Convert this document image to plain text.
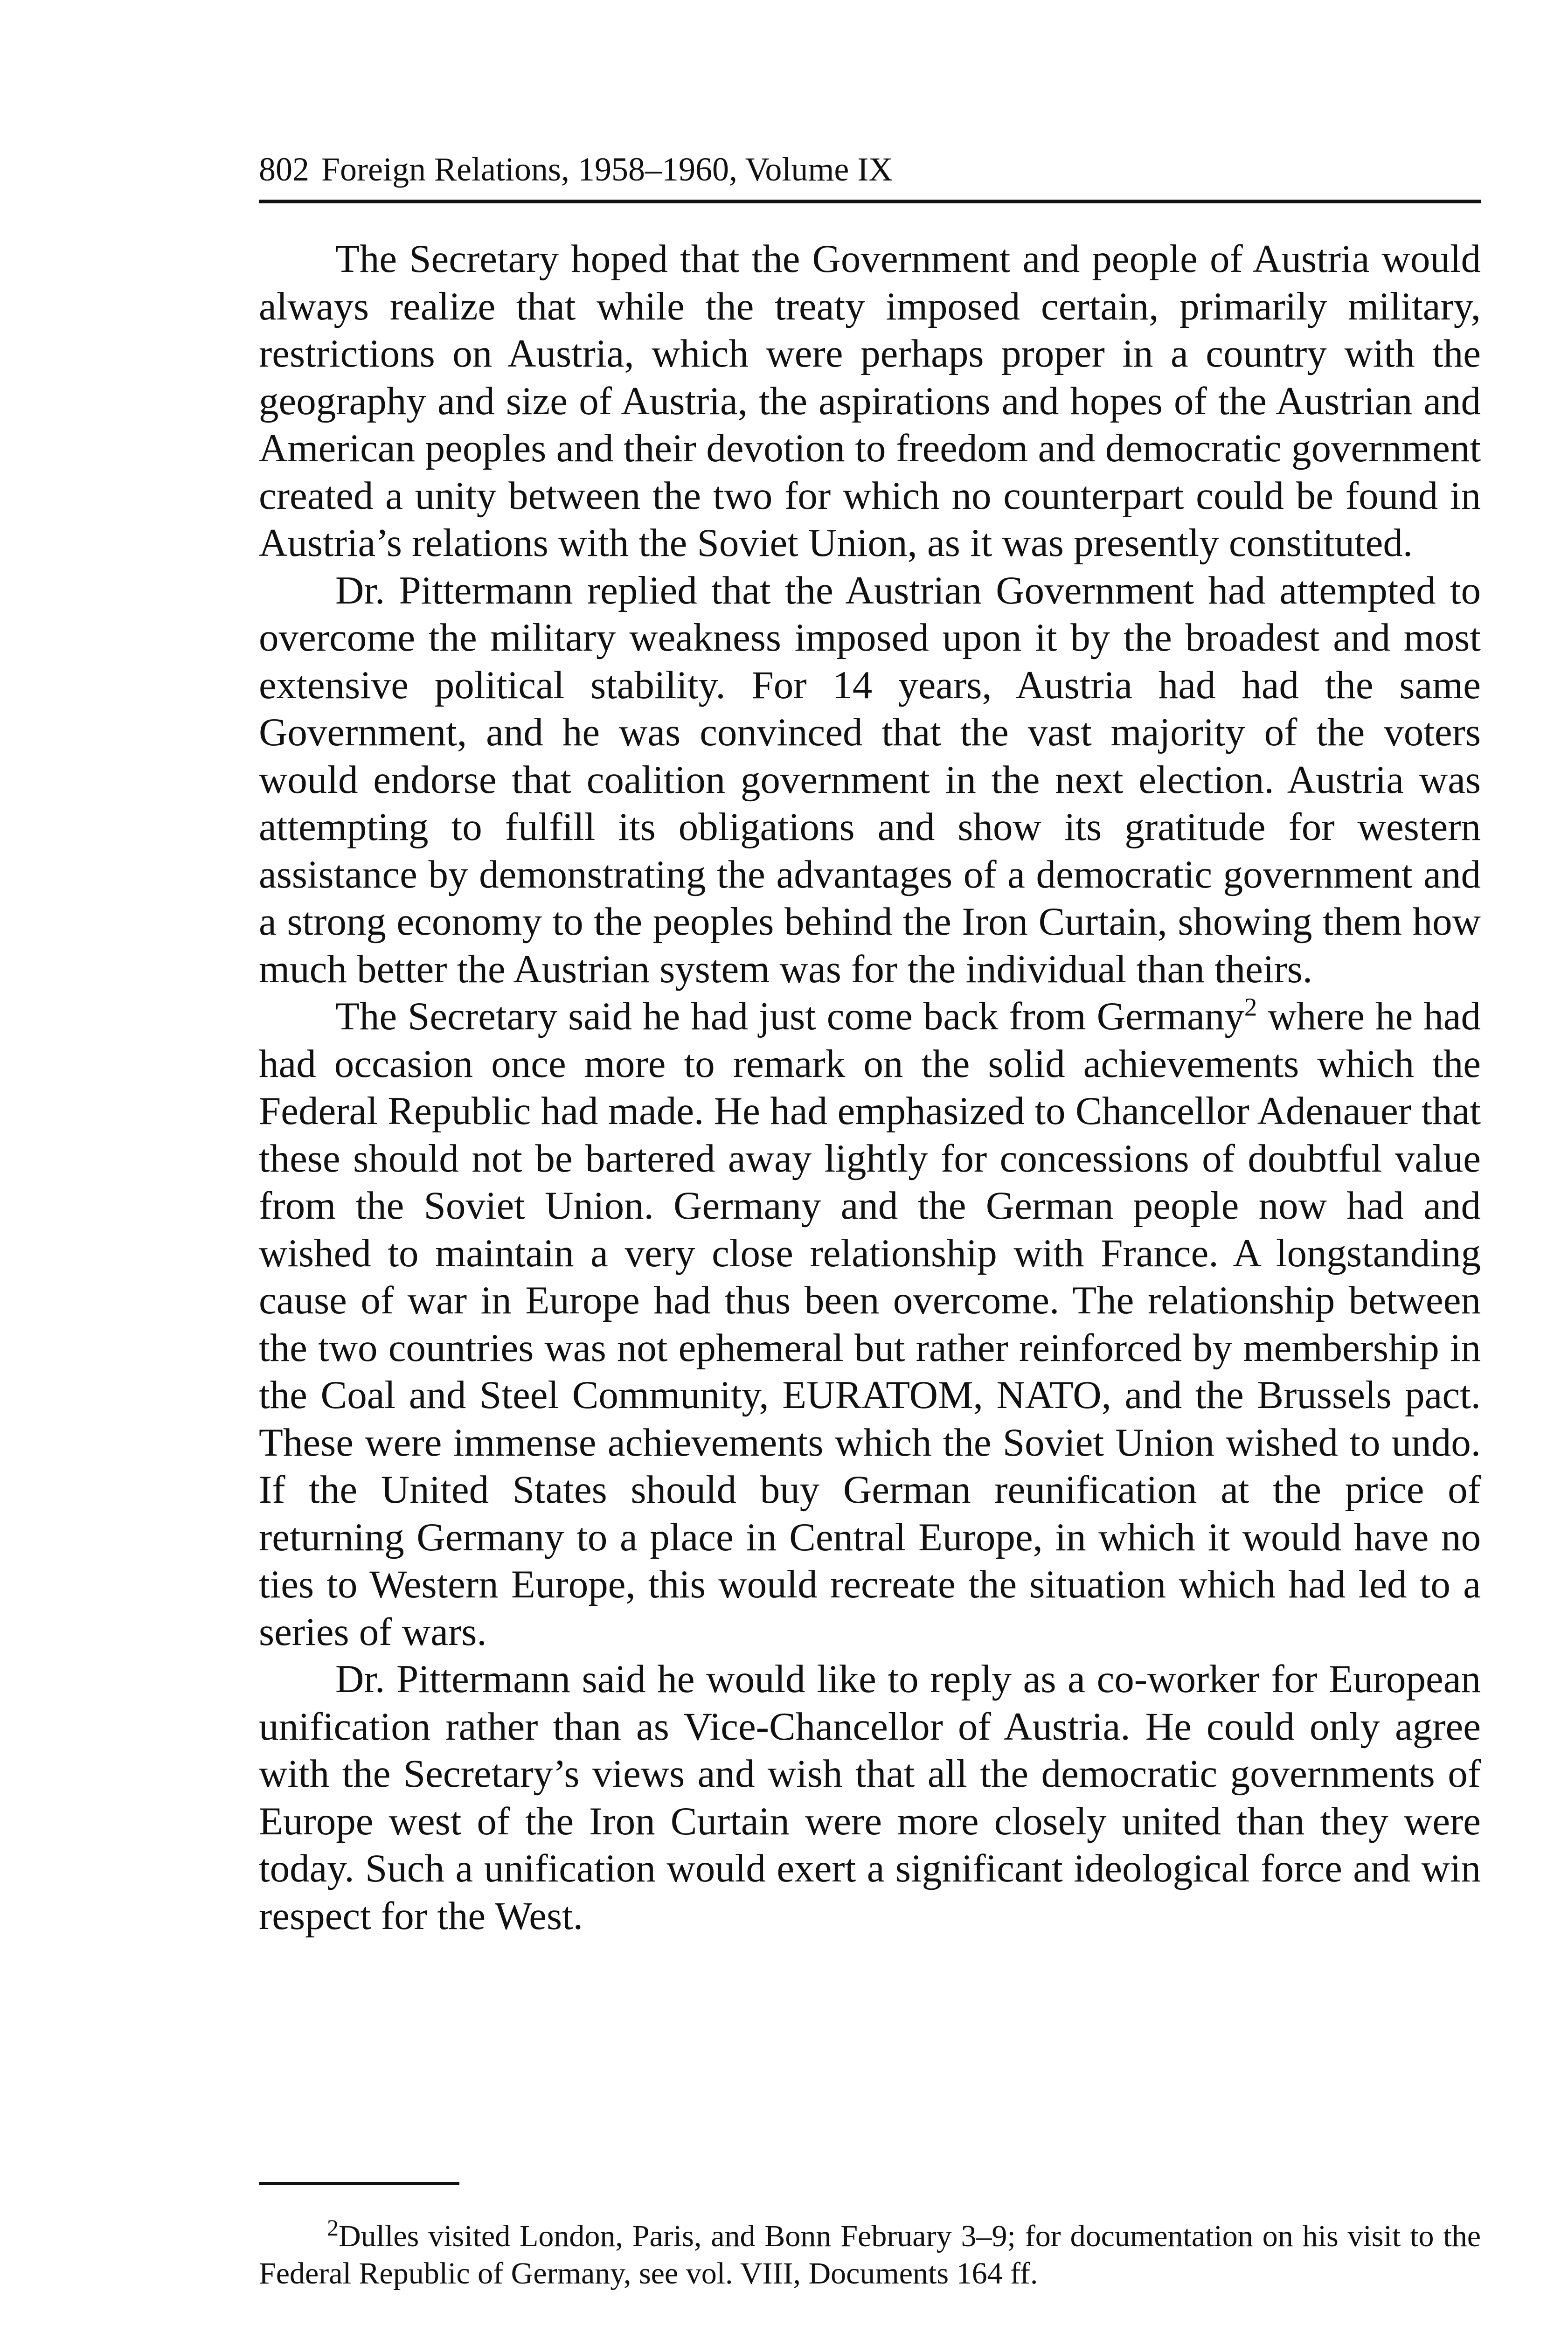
802 Foreign Relations, 1958–1960, Volume IX

The Secretary hoped that the Government and people of Austria would always realize that while the treaty imposed certain, primarily military, restrictions on Austria, which were perhaps proper in a country with the geography and size of Austria, the aspirations and hopes of the Austrian and American peoples and their devotion to freedom and democratic government created a unity between the two for which no counterpart could be found in Austria’s relations with the Soviet Union, as it was presently constituted.

Dr. Pittermann replied that the Austrian Government had attempted to overcome the military weakness imposed upon it by the broadest and most extensive political stability. For 14 years, Austria had had the same Government, and he was convinced that the vast majority of the voters would endorse that coalition government in the next election. Austria was attempting to fulfill its obligations and show its gratitude for western assistance by demonstrating the advantages of a democratic government and a strong economy to the peoples behind the Iron Curtain, showing them how much better the Austrian system was for the individual than theirs.

The Secretary said he had just come back from Germany$^2$ where he had had occasion once more to remark on the solid achievements which the Federal Republic had made. He had emphasized to Chancellor Adenauer that these should not be bartered away lightly for concessions of doubtful value from the Soviet Union. Germany and the German people now had and wished to maintain a very close relationship with France. A longstanding cause of war in Europe had thus been overcome. The relationship between the two countries was not ephemeral but rather reinforced by membership in the Coal and Steel Community, EURATOM, NATO, and the Brussels pact. These were immense achievements which the Soviet Union wished to undo. If the United States should buy German reunification at the price of returning Germany to a place in Central Europe, in which it would have no ties to Western Europe, this would recreate the situation which had led to a series of wars.

Dr. Pittermann said he would like to reply as a co-worker for European unification rather than as Vice-Chancellor of Austria. He could only agree with the Secretary’s views and wish that all the democratic governments of Europe west of the Iron Curtain were more closely united than they were today. Such a unification would exert a significant ideological force and win respect for the West.

$^2$Dulles visited London, Paris, and Bonn February 3–9; for documentation on his visit to the Federal Republic of Germany, see vol. VIII, Documents 164 ff.
